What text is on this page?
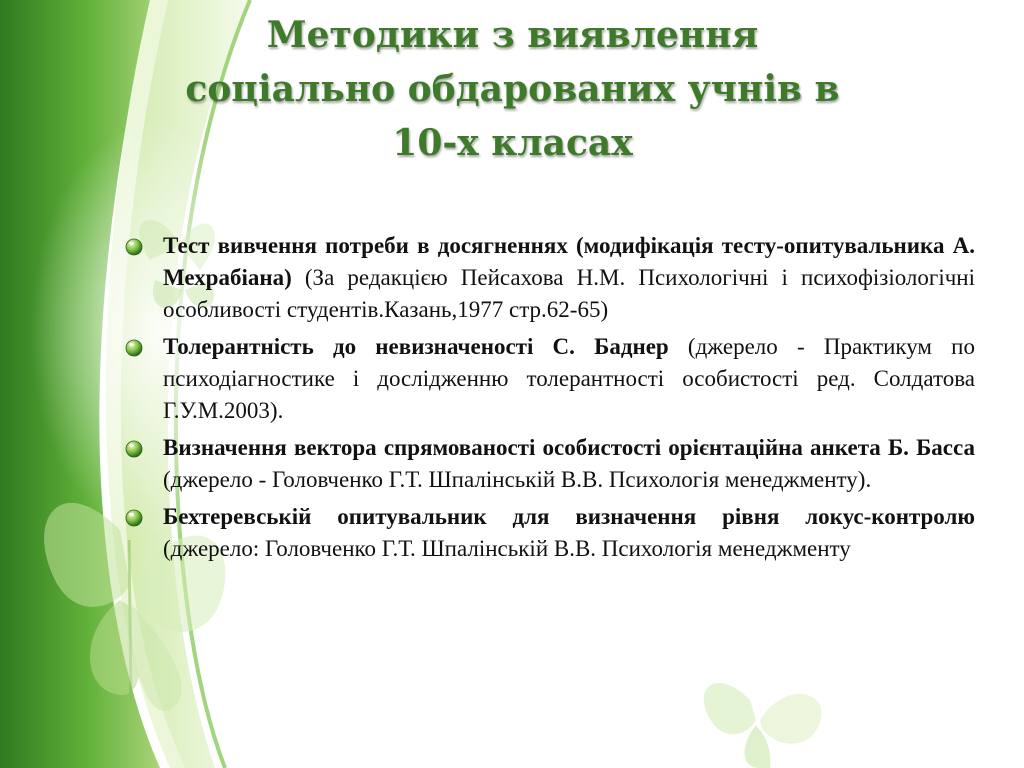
Методики з виявлення
соціально обдарованих учнів в
10-х класах
Тест вивчення потреби в досягненнях (модифікація тесту-опитувальника А. Мехрабіана) (За редакцією Пейсахова Н.М. Психологічні і психофізіологічні особливості студентів.Казань,1977 стр.62-65)
Толерантність до невизначеності С. Баднер (джерело - Практикум по психодіагностике і дослідженню толерантності особистості ред. Солдатова Г.У.М.2003).
Визначення вектора спрямованості особистості орієнтаційна анкета Б. Басса (джерело - Головченко Г.Т. Шпалінськiй В.В. Психологія менеджменту).
Бехтеревськiй опитувальник для визначення рівня локус-контролю (джерело: Головченко Г.Т. Шпалінськiй В.В. Психологія менеджменту
